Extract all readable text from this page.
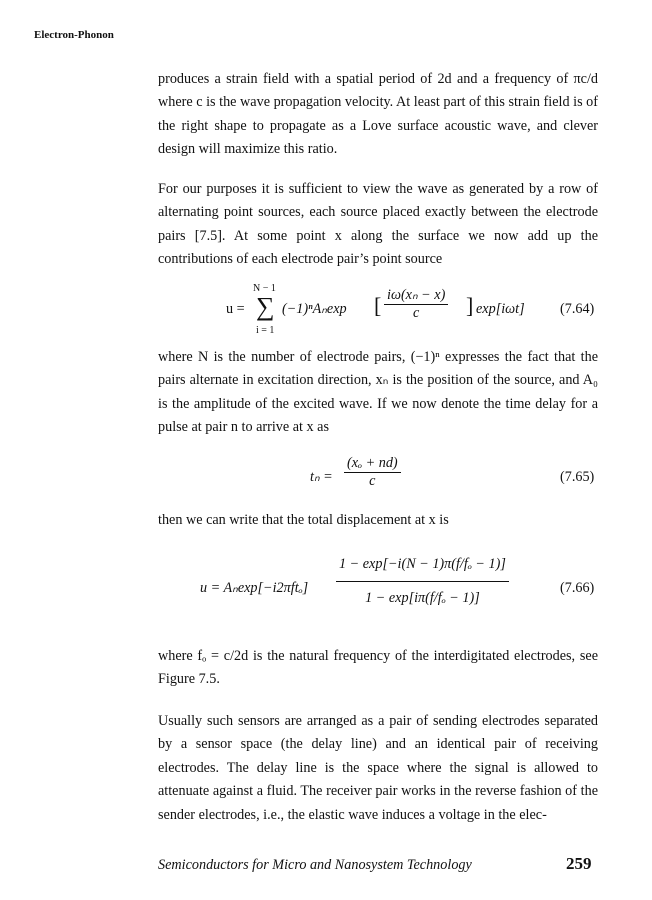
Electron-Phonon

produces a strain field with a spatial period of 2d and a frequency of πc/d where c is the wave propagation velocity. At least part of this strain field is of the right shape to propagate as a Love surface acoustic wave, and clever design will maximize this ratio.

For our purposes it is sufficient to view the wave as generated by a row of alternating point sources, each source placed exactly between the electrode pairs [7.5]. At some point x along the surface we now add up the contributions of each electrode pair’s point source

u =
N − 1
∑
i = 1
(−1)ⁿAₙexp [ $\frac{\text{iω(xₙ − x)}}{c}$ ] exp[iωt] (7.64)

where N is the number of electrode pairs, (−1)ⁿ expresses the fact that the pairs alternate in excitation direction, xₙ is the position of the source, and A₀ is the amplitude of the excited wave. If we now denote the time delay for a pulse at pair n to arrive at x as

$t_n = \frac{\text{(xₒ + nd)}}{c}$	(7.65)

then we can write that the total displacement at x is

$u = A_n\exp[-i2\pi ft_o] \frac{\text{1 − exp[−i(N − 1)π(f/fₒ − 1)]}}{\text{1 − exp[iπ(f/fₒ − 1)]}}$	(7.66)

where fₒ = c/2d is the natural frequency of the interdigitated electrodes, see Figure 7.5.

Usually such sensors are arranged as a pair of sending electrodes separated by a sensor space (the delay line) and an identical pair of receiving electrodes. The delay line is the space where the signal is allowed to attenuate against a fluid. The receiver pair works in the reverse fashion of the sender electrodes, i.e., the elastic wave induces a voltage in the elec-

Semiconductors for Micro and Nanosystem Technology	259
